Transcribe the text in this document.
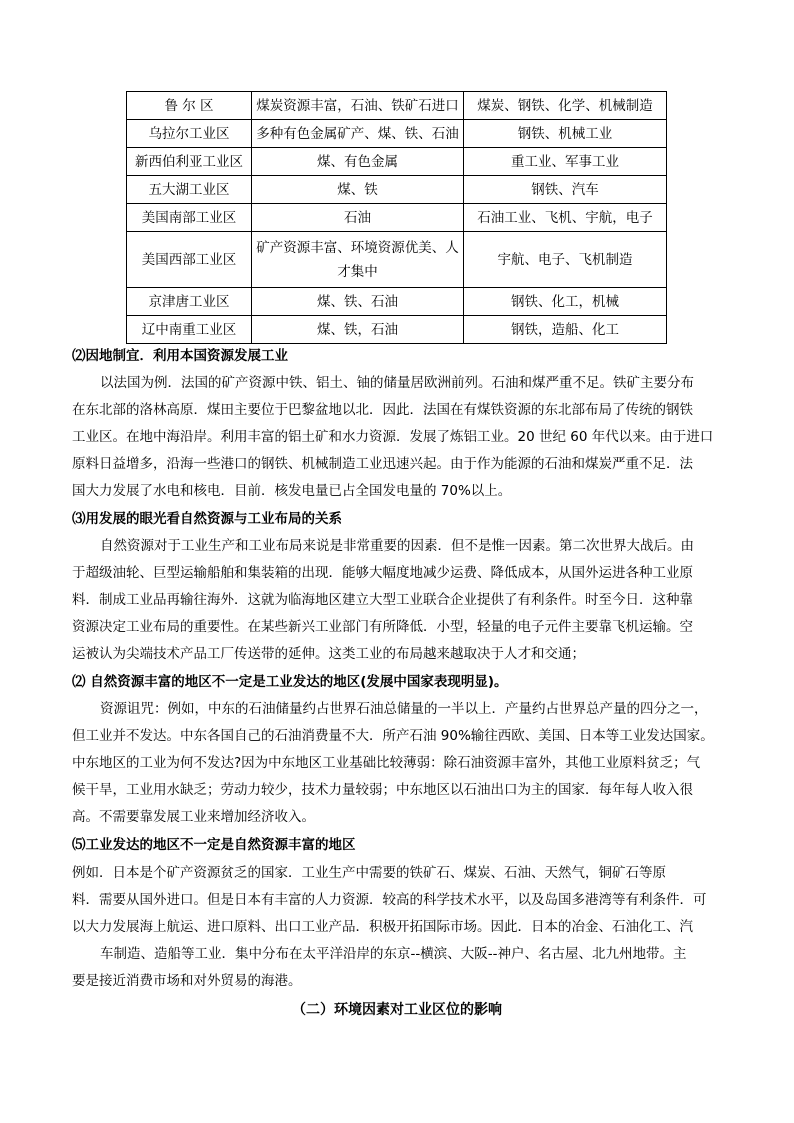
鲁 尔 区	煤炭资源丰富，石油、铁矿石进口	煤炭、钢铁、化学、机械制造
乌拉尔工业区	多种有色金属矿产、煤、铁、石油	钢铁、机械工业
新西伯利亚工业区	煤、有色金属	重工业、军事工业
五大湖工业区	煤、铁	钢铁、汽车
美国南部工业区	石油	石油工业、飞机、宇航，电子
美国西部工业区	矿产资源丰富、环境资源优美、人才集中	宇航、电子、飞机制造
京津唐工业区	煤、铁、石油	钢铁、化工，机械
辽中南重工业区	煤、铁，石油	钢铁，造船、化工
⑵因地制宜．利用本国资源发展工业
以法国为例．法国的矿产资源中铁、铝土、铀的储量居欧洲前列。石油和煤严重不足。铁矿主要分布
在东北部的洛林高原．煤田主要位于巴黎盆地以北．因此．法国在有煤铁资源的东北部布局了传统的钢铁
工业区。在地中海沿岸。利用丰富的铝土矿和水力资源．发展了炼铝工业。20 世纪 60 年代以来。由于进口
原料日益增多，沿海一些港口的钢铁、机械制造工业迅速兴起。由于作为能源的石油和煤炭严重不足．法
国大力发展了水电和核电．目前．核发电量已占全国发电量的 70%以上。
⑶用发展的眼光看自然资源与工业布局的关系
自然资源对于工业生产和工业布局来说是非常重要的因素．但不是惟一因素。第二次世界大战后。由
于超级油轮、巨型运输船舶和集装箱的出现．能够大幅度地减少运费、降低成本，从国外运进各种工业原
料．制成工业品再输往海外．这就为临海地区建立大型工业联合企业提供了有利条件。时至今日．这种靠
资源决定工业布局的重要性。在某些新兴工业部门有所降低．小型，轻量的电子元件主要靠飞机运输。空
运被认为尖端技术产品工厂传送带的延伸。这类工业的布局越来越取决于人才和交通；
⑵ 自然资源丰富的地区不一定是工业发达的地区(发展中国家表现明显)。
资源诅咒：例如，中东的石油储量约占世界石油总储量的一半以上．产量约占世界总产量的四分之一，
但工业并不发达。中东各国自己的石油消费量不大．所产石油 90%输往西欧、美国、日本等工业发达国家。
中东地区的工业为何不发达?因为中东地区工业基础比较薄弱：除石油资源丰富外，其他工业原料贫乏；气
候干旱，工业用水缺乏；劳动力较少，技术力量较弱；中东地区以石油出口为主的国家．每年每人收入很
高。不需要靠发展工业来增加经济收入。
⑸工业发达的地区不一定是自然资源丰富的地区
例如．日本是个矿产资源贫乏的国家．工业生产中需要的铁矿石、煤炭、石油、天然气，铜矿石等原
料．需要从国外进口。但是日本有丰富的人力资源．较高的科学技术水平，以及岛国多港湾等有利条件．可
以大力发展海上航运、进口原料、出口工业产品．积极开拓国际市场。因此．日本的冶金、石油化工、汽
车制造、造船等工业．集中分布在太平洋沿岸的东京--横滨、大阪--神户、名古屋、北九州地带。主
要是接近消费市场和对外贸易的海港。
（二）环境因素对工业区位的影响
